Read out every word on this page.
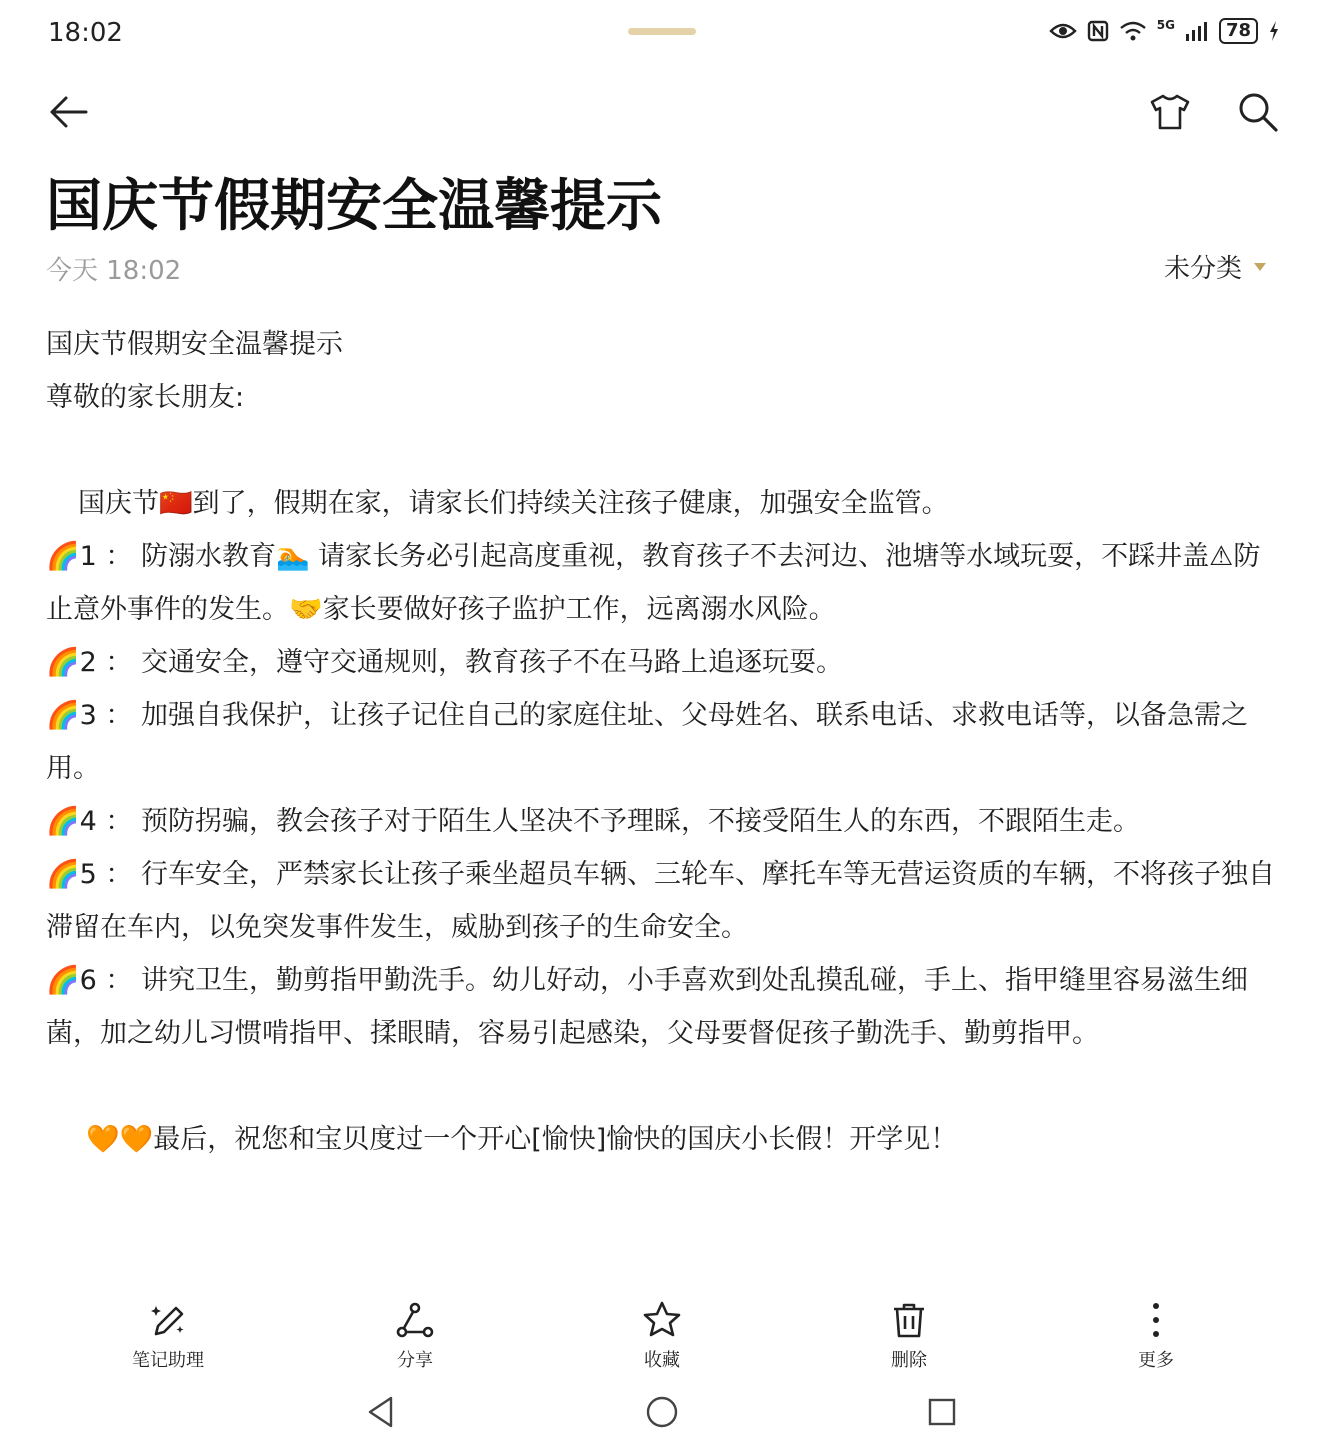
18:02	5G	78
国庆节假期安全温馨提示
今天 18:02	未分类

国庆节假期安全温馨提示

尊敬的家长朋友:

国庆节🇨🇳到了，假期在家，请家长们持续关注孩子健康，加强安全监管。

🌈1 ： 防溺水教育🏊 请家长务必引起高度重视，教育孩子不去河边、池塘等水域玩耍，不踩井盖⚠防止意外事件的发生。🤝家长要做好孩子监护工作，远离溺水风险。

🌈2 ： 交通安全，遵守交通规则，教育孩子不在马路上追逐玩耍。

🌈3 ： 加强自我保护，让孩子记住自己的家庭住址、父母姓名、联系电话、求救电话等，以备急需之用。

🌈4 ： 预防拐骗，教会孩子对于陌生人坚决不予理睬，不接受陌生人的东西，不跟陌生走。

🌈5 ： 行车安全，严禁家长让孩子乘坐超员车辆、三轮车、摩托车等无营运资质的车辆，不将孩子独自滞留在车内，以免突发事件发生，威胁到孩子的生命安全。

🌈6 ： 讲究卫生，勤剪指甲勤洗手。幼儿好动，小手喜欢到处乱摸乱碰，手上、指甲缝里容易滋生细菌，加之幼儿习惯啃指甲、揉眼睛，容易引起感染，父母要督促孩子勤洗手、勤剪指甲。

🧡🧡最后，祝您和宝贝度过一个开心[愉快]愉快的国庆小长假！开学见！

笔记助理	分享	收藏	删除	更多
